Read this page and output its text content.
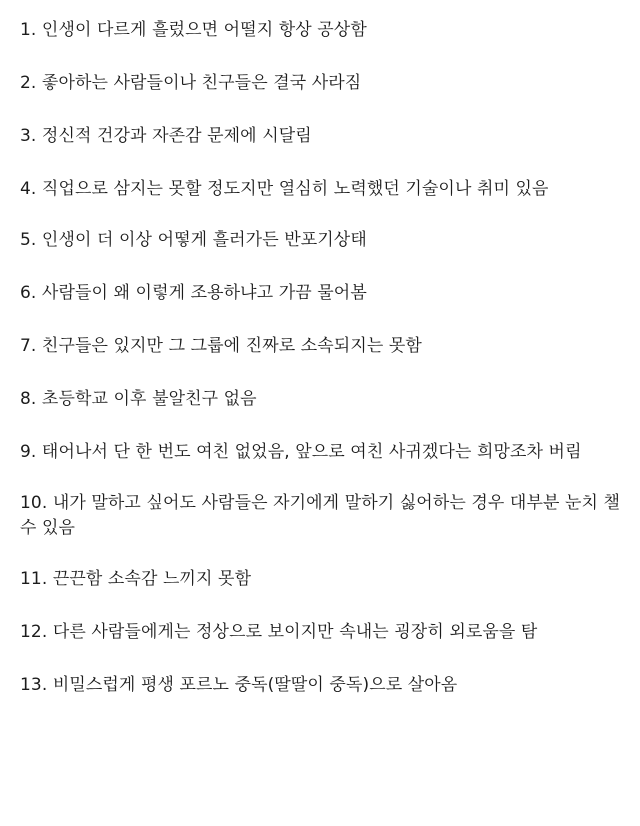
1. 인생이 다르게 흘렀으면 어떨지 항상 공상함
2. 좋아하는 사람들이나 친구들은 결국 사라짐
3. 정신적 건강과 자존감 문제에 시달림
4. 직업으로 삼지는 못할 정도지만 열심히 노력했던 기술이나 취미 있음
5. 인생이 더 이상 어떻게 흘러가든 반포기상태
6. 사람들이 왜 이렇게 조용하냐고 가끔 물어봄
7. 친구들은 있지만 그 그룹에 진짜로 소속되지는 못함
8. 초등학교 이후 불알친구 없음
9. 태어나서 단 한 번도 여친 없었음, 앞으로 여친 사귀겠다는 희망조차 버림
10. 내가 말하고 싶어도 사람들은 자기에게 말하기 싫어하는 경우 대부분 눈치 챌 수 있음
11. 끈끈함 소속감 느끼지 못함
12. 다른 사람들에게는 정상으로 보이지만 속내는 굉장히 외로움을 탐
13. 비밀스럽게 평생 포르노 중독(딸딸이 중독)으로 살아옴
